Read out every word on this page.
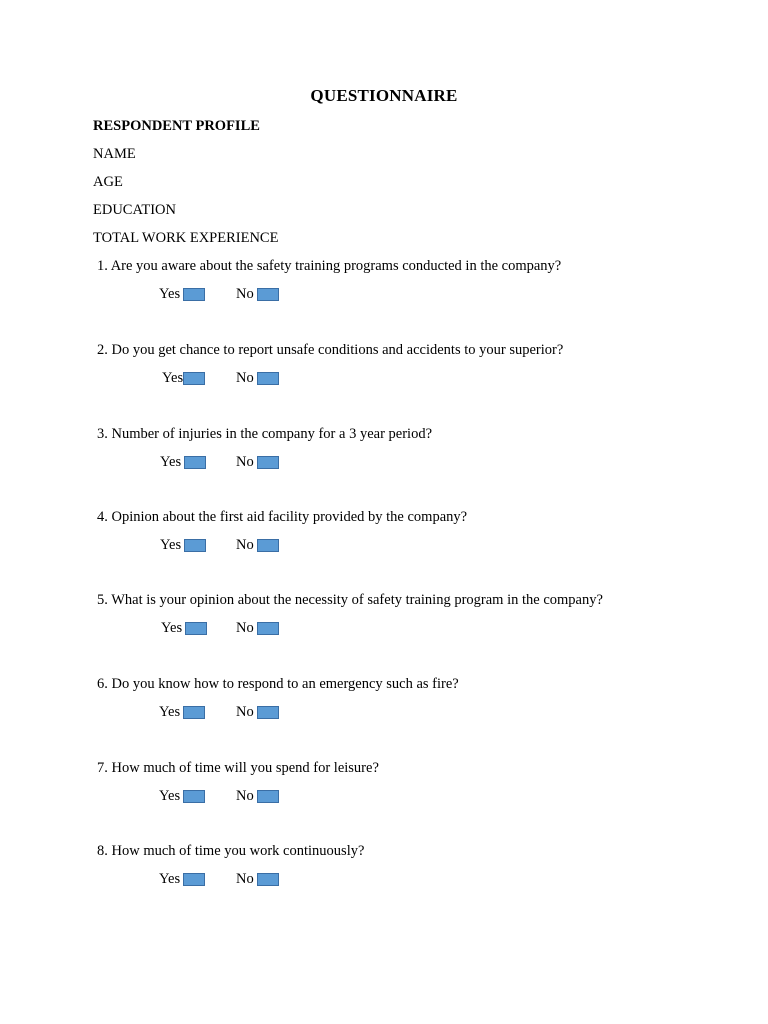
QUESTIONNAIRE
RESPONDENT PROFILE
NAME
AGE
EDUCATION
TOTAL WORK EXPERIENCE
1. Are you aware about the safety training programs conducted in the company?
Yes	No
2. Do you get chance to report unsafe conditions and accidents to your superior?
Yes	No
3. Number of injuries in the company for a 3 year period?
Yes	No
4. Opinion about the first aid facility provided by the company?
Yes	No
5. What is your opinion about the necessity of safety training program in the company?
Yes	No
6. Do you know how to respond to an emergency such as fire?
Yes	No
7. How much of time will you spend for leisure?
Yes	No
8. How much of time you work continuously?
Yes	No
